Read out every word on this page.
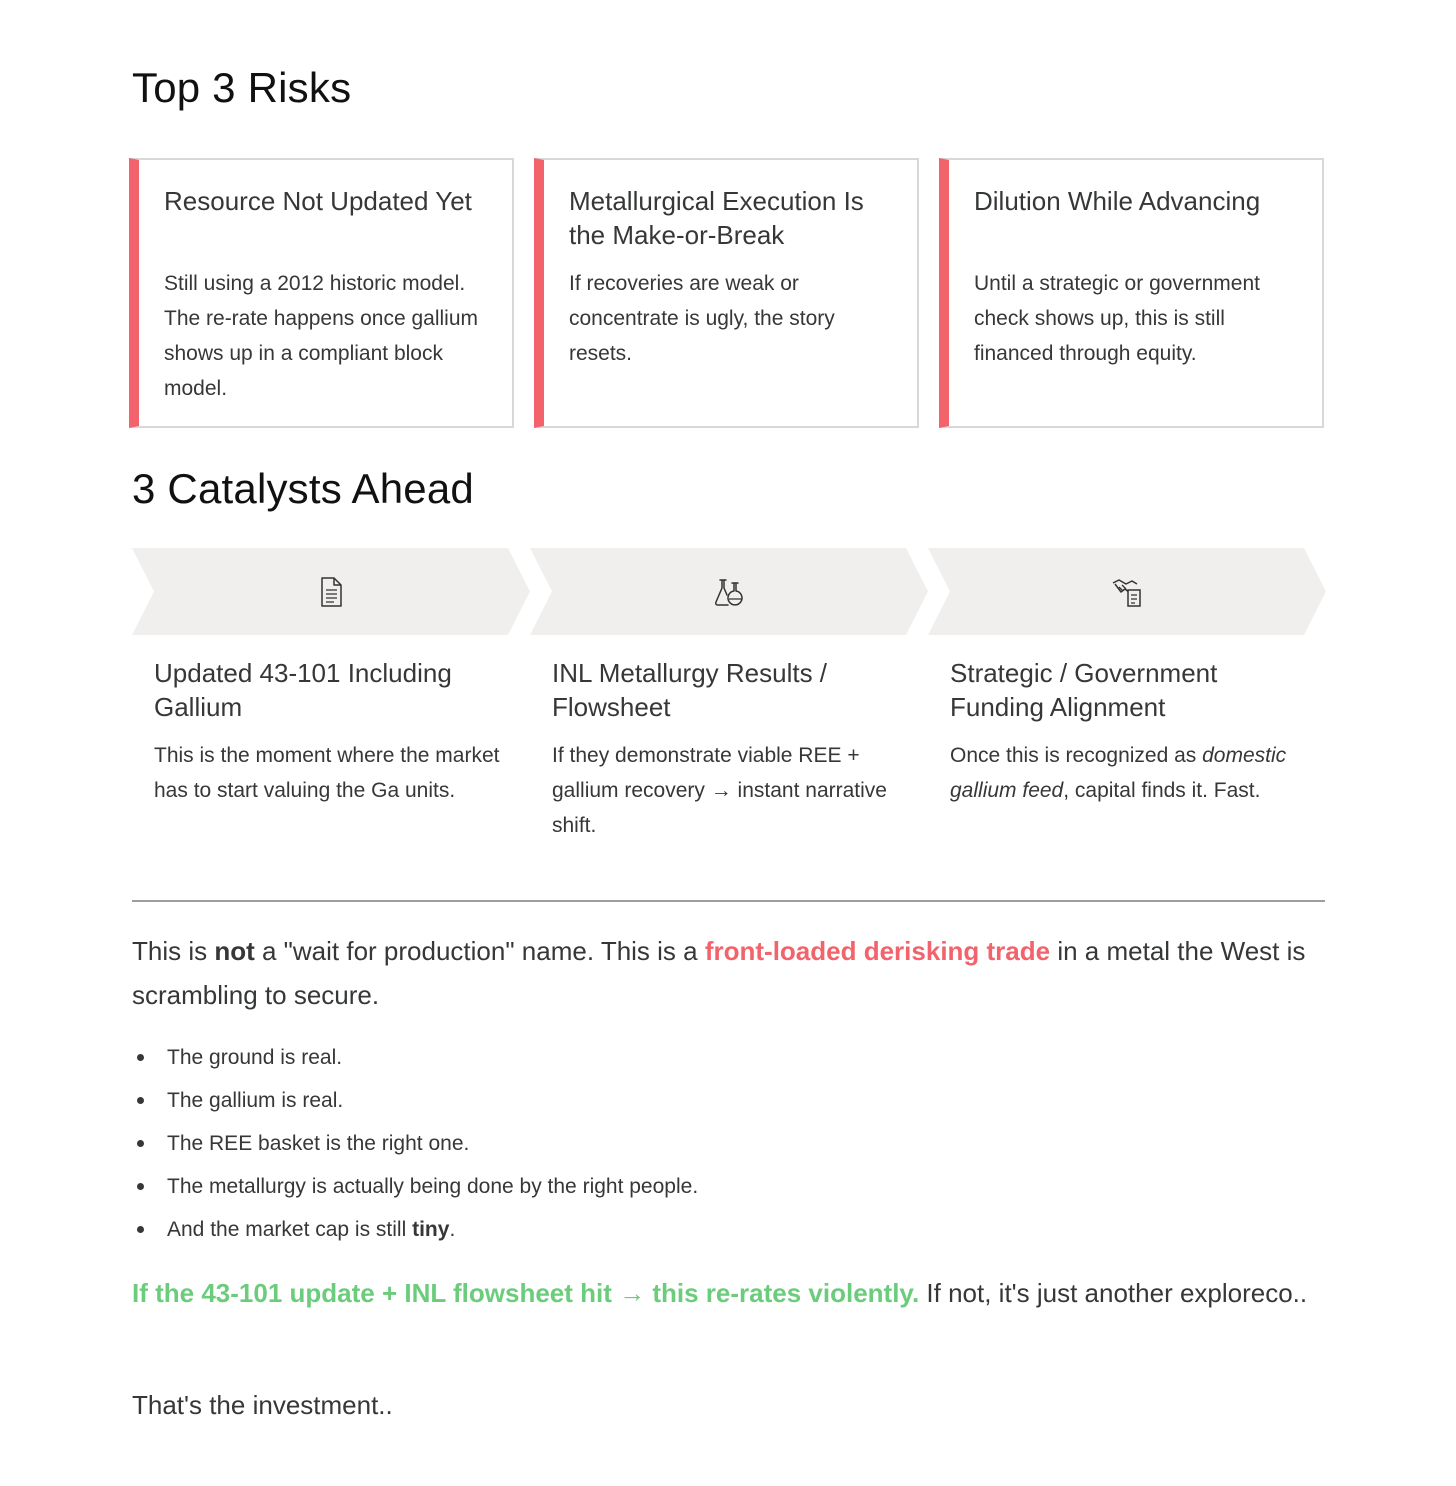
Top 3 Risks
Resource Not Updated Yet
Still using a 2012 historic model. The re-rate happens once gallium shows up in a compliant block model.
Metallurgical Execution Is the Make-or-Break
If recoveries are weak or concentrate is ugly, the story resets.
Dilution While Advancing
Until a strategic or government check shows up, this is still financed through equity.
3 Catalysts Ahead
Updated 43-101 Including Gallium
This is the moment where the market has to start valuing the Ga units.
INL Metallurgy Results / Flowsheet
If they demonstrate viable REE + gallium recovery → instant narrative shift.
Strategic / Government Funding Alignment
Once this is recognized as domestic gallium feed, capital finds it. Fast.

This is not a "wait for production" name. This is a front-loaded derisking trade in a metal the West is scrambling to secure.

The ground is real.
The gallium is real.
The REE basket is the right one.
The metallurgy is actually being done by the right people.
And the market cap is still tiny.

If the 43-101 update + INL flowsheet hit → this re-rates violently. If not, it's just another exploreco..

That's the investment..
